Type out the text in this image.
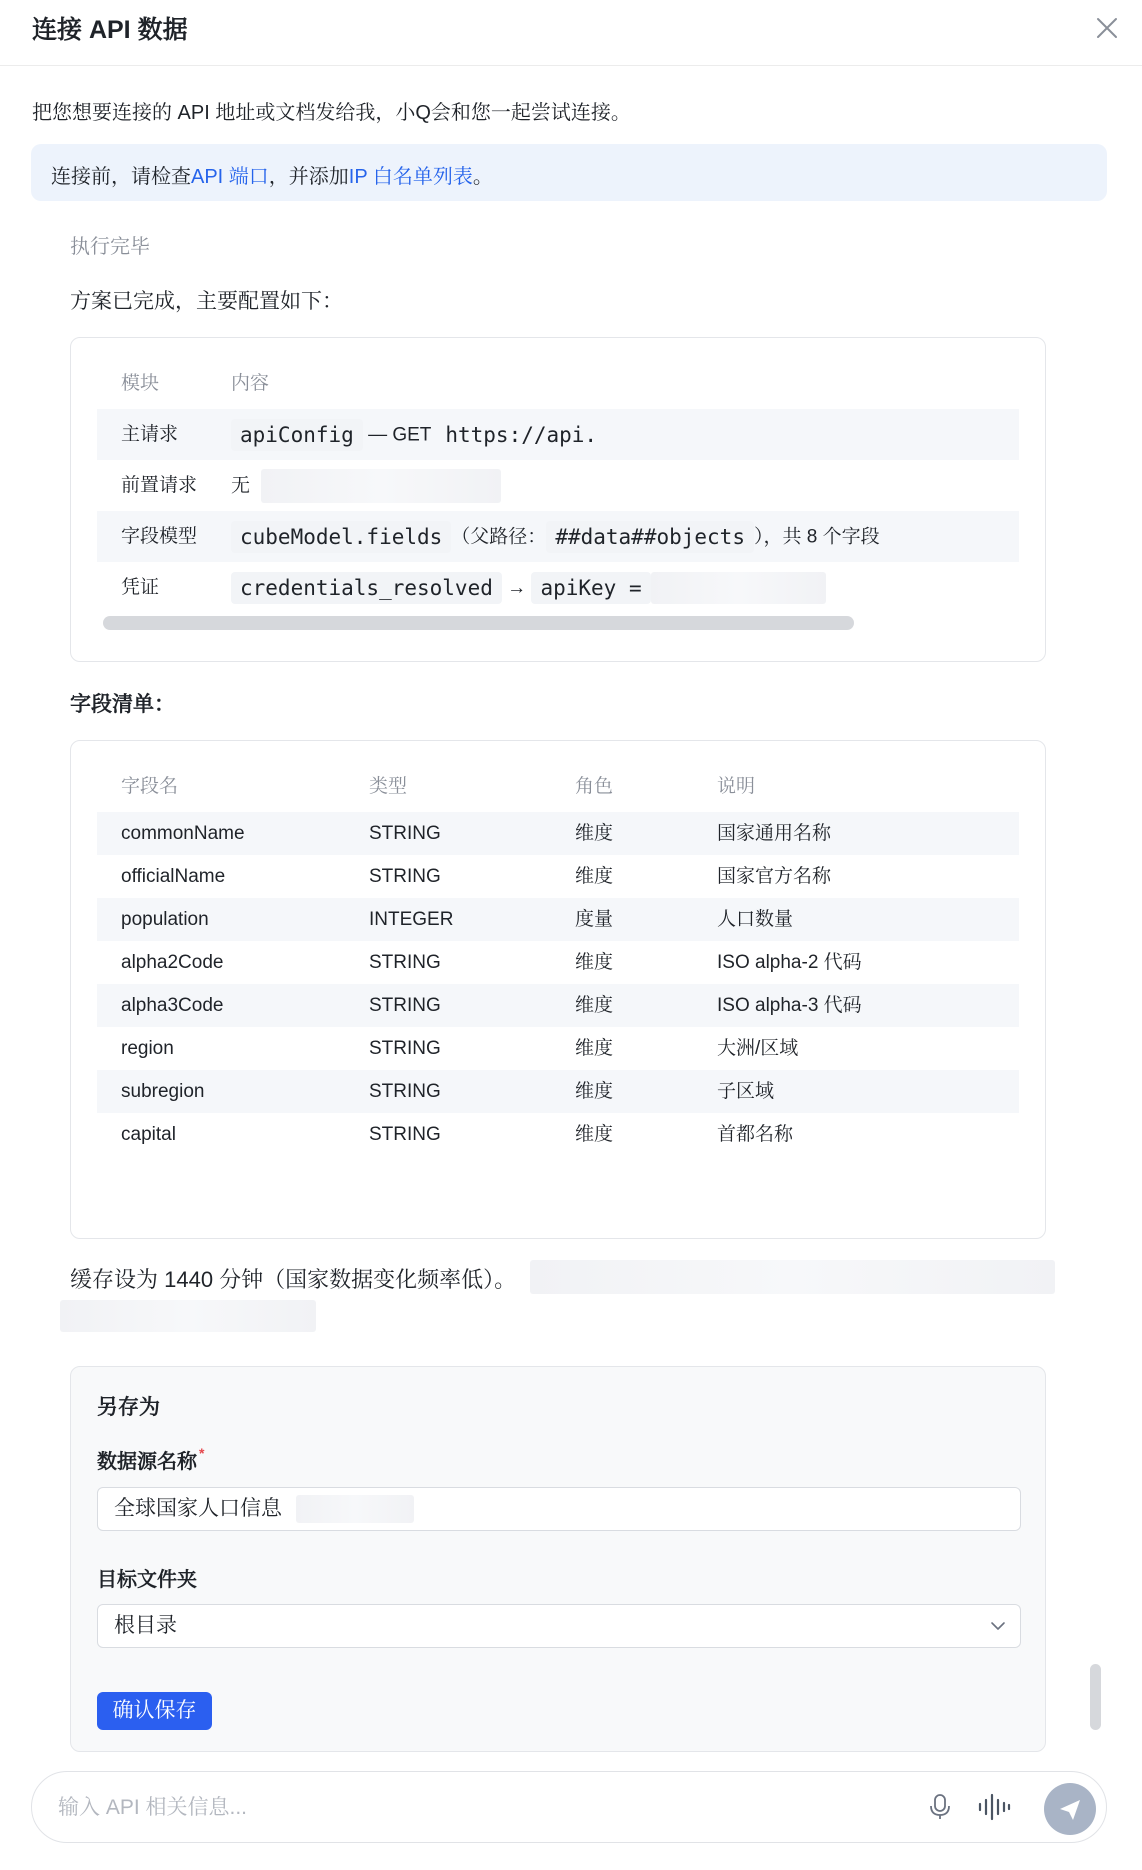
连接 API 数据
把您想要连接的 API 地址或文档发给我，小Q会和您一起尝试连接。
连接前，请检查API 端口，并添加IP 白名单列表。
执行完毕
方案已完成，主要配置如下：
模块	内容
主请求	apiConfig — GET https://api.
前置请求 无
字段模型	cubeModel.fields （父路径： ##data##objects ），共 8 个字段
凭证	credentials_resolved → apiKey =
字段清单：
字段名	类型	角色	说明
commonName	STRING	维度	国家通用名称
officialName	STRING	维度	国家官方名称
population	INTEGER	度量	人口数量
alpha2Code	STRING	维度	ISO alpha-2 代码
alpha3Code	STRING	维度	ISO alpha-3 代码
region	STRING	维度	大洲/区域
subregion	STRING	维度	子区域
capital	STRING	维度	首都名称
缓存设为 1440 分钟（国家数据变化频率低）。
另存为
数据源名称 *
全球国家人口信息
目标文件夹
根目录
确认保存
输入 API 相关信息...
